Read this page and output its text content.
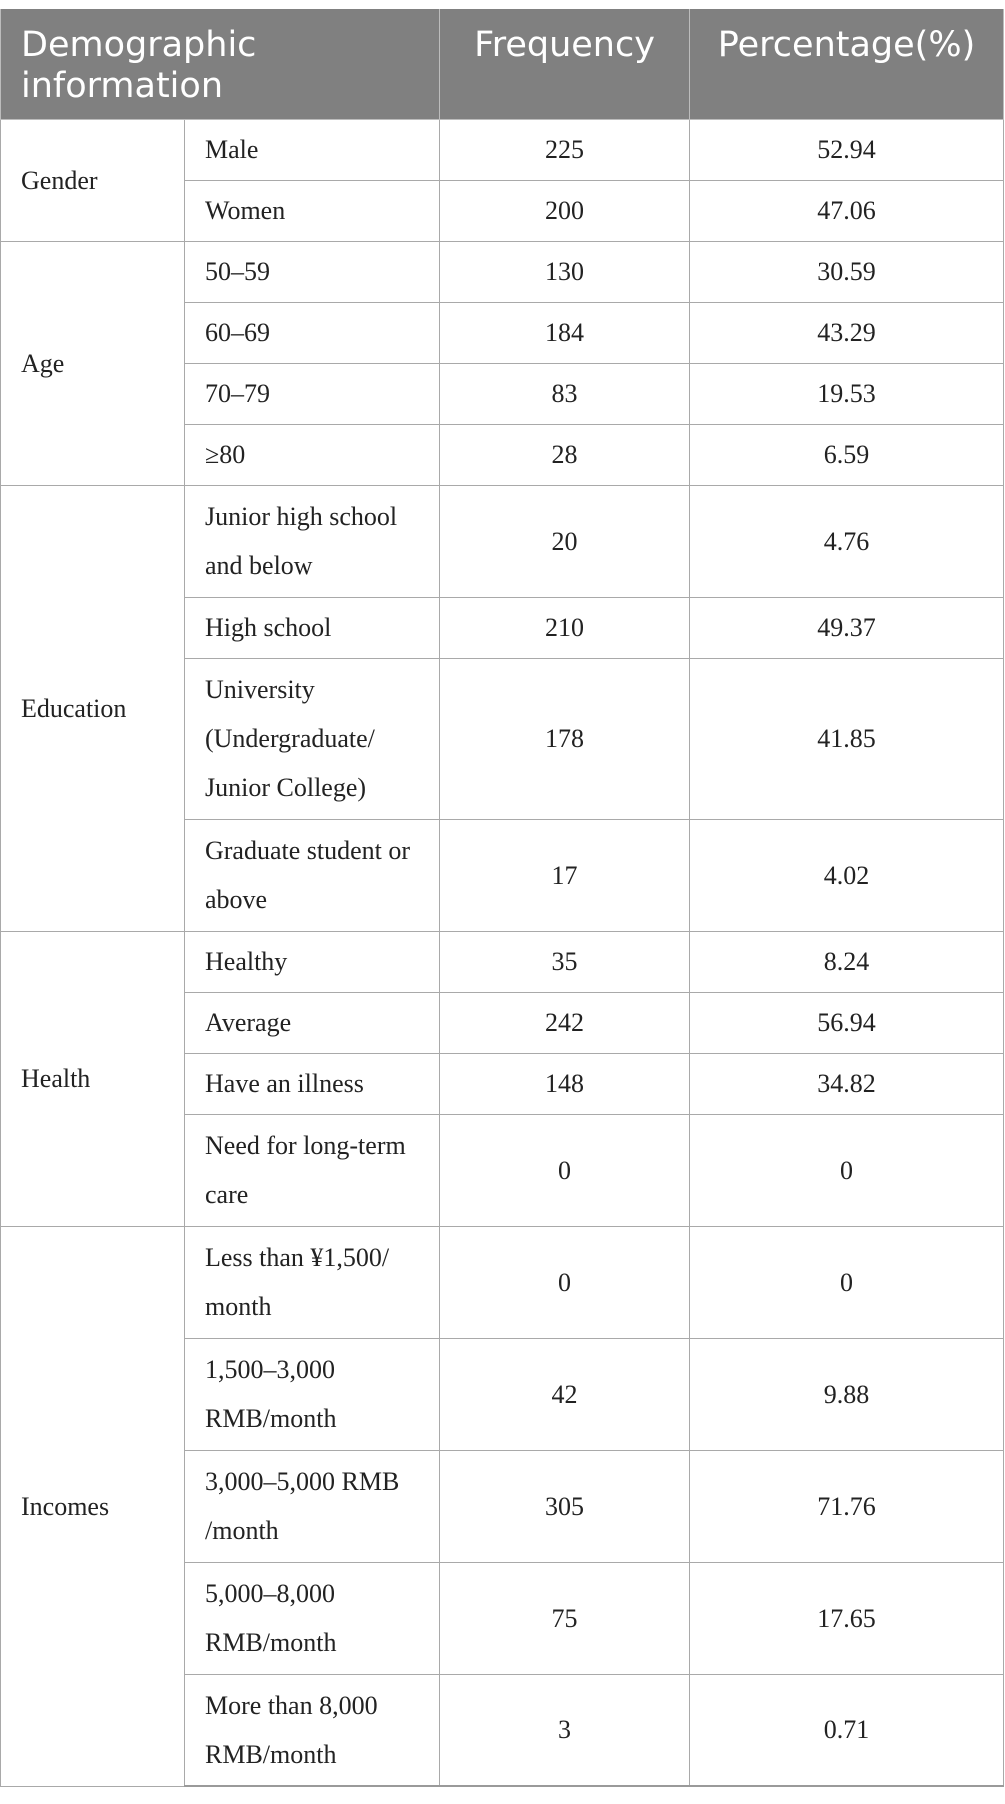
Demographic information		Frequency	Percentage(%)
Gender	Male	225	52.94
	Women	200	47.06
Age	50–59	130	30.59
	60–69	184	43.29
	70–79	83	19.53
	≥80	28	6.59
Education	Junior high school and below	20	4.76
	High school	210	49.37
	University (Undergraduate/ Junior College)	178	41.85
	Graduate student or above	17	4.02
Health	Healthy	35	8.24
	Average	242	56.94
	Have an illness	148	34.82
	Need for long-term care	0	0
Incomes	Less than ¥1,500/ month	0	0
	1,500–3,000 RMB/month	42	9.88
	3,000–5,000 RMB /month	305	71.76
	5,000–8,000 RMB/month	75	17.65
	More than 8,000 RMB/month	3	0.71
